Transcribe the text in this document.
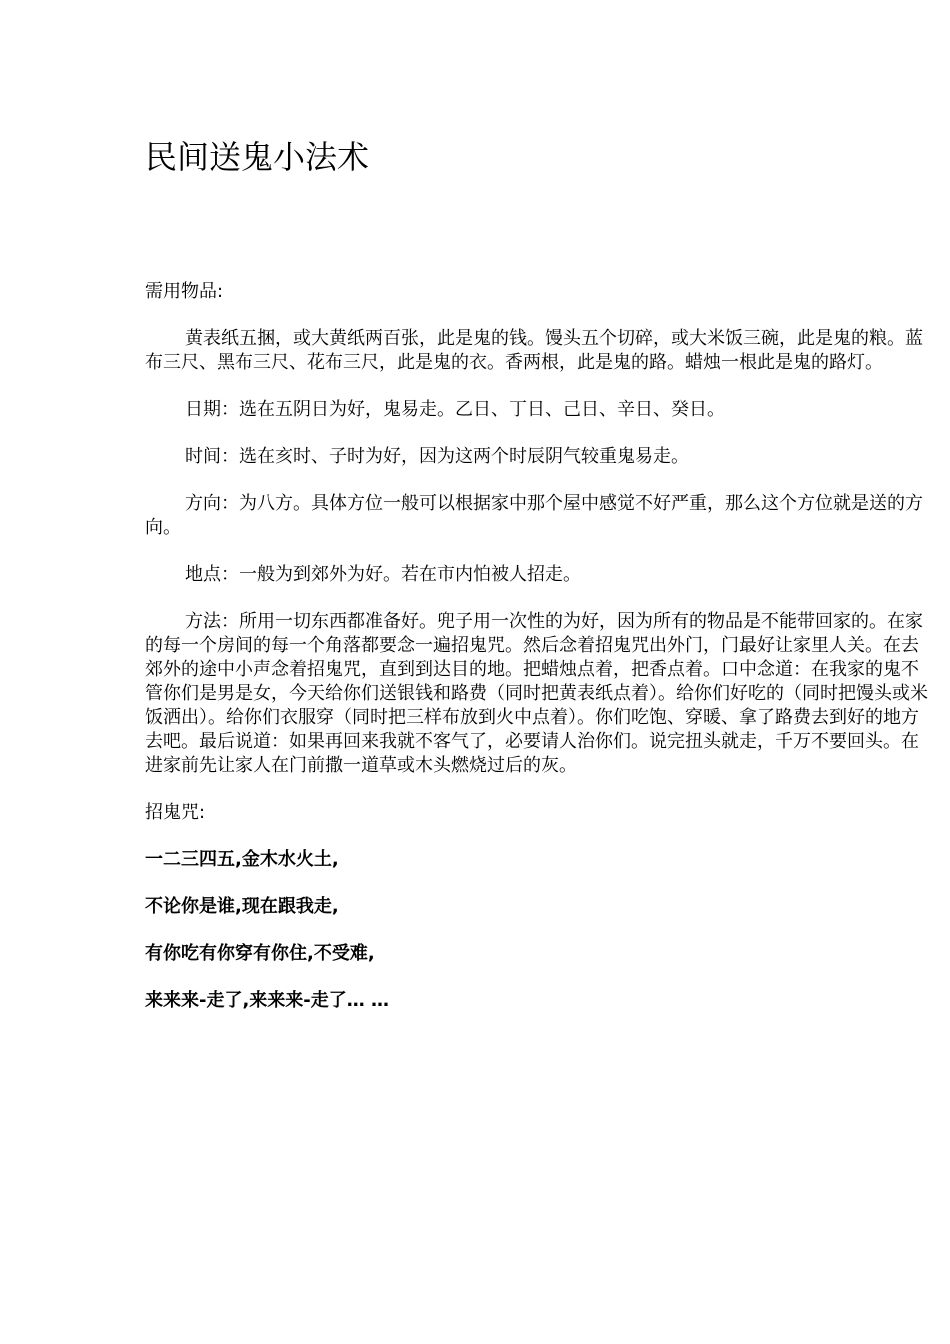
民间送鬼小法术

需用物品:

黄表纸五捆，或大黄纸两百张，此是鬼的钱。馒头五个切碎，或大米饭三碗，此是鬼的粮。蓝布三尺、黑布三尺、花布三尺，此是鬼的衣。香两根，此是鬼的路。蜡烛一根此是鬼的路灯。

日期：选在五阴日为好，鬼易走。乙日、丁日、己日、辛日、癸日。

时间：选在亥时、子时为好，因为这两个时辰阴气较重鬼易走。

方向：为八方。具体方位一般可以根据家中那个屋中感觉不好严重，那么这个方位就是送的方向。

地点：一般为到郊外为好。若在市内怕被人招走。

方法：所用一切东西都准备好。兜子用一次性的为好，因为所有的物品是不能带回家的。在家的每一个房间的每一个角落都要念一遍招鬼咒。然后念着招鬼咒出外门，门最好让家里人关。在去郊外的途中小声念着招鬼咒，直到到达目的地。把蜡烛点着，把香点着。口中念道：在我家的鬼不管你们是男是女，今天给你们送银钱和路费（同时把黄表纸点着）。给你们好吃的（同时把馒头或米饭洒出）。给你们衣服穿（同时把三样布放到火中点着）。你们吃饱、穿暖、拿了路费去到好的地方去吧。最后说道：如果再回来我就不客气了，必要请人治你们。说完扭头就走，千万不要回头。在进家前先让家人在门前撒一道草或木头燃烧过后的灰。

招鬼咒:

一二三四五,金木水火土,

不论你是谁,现在跟我走,

有你吃有你穿有你住,不受难,

来来来-走了,来来来-走了… …
